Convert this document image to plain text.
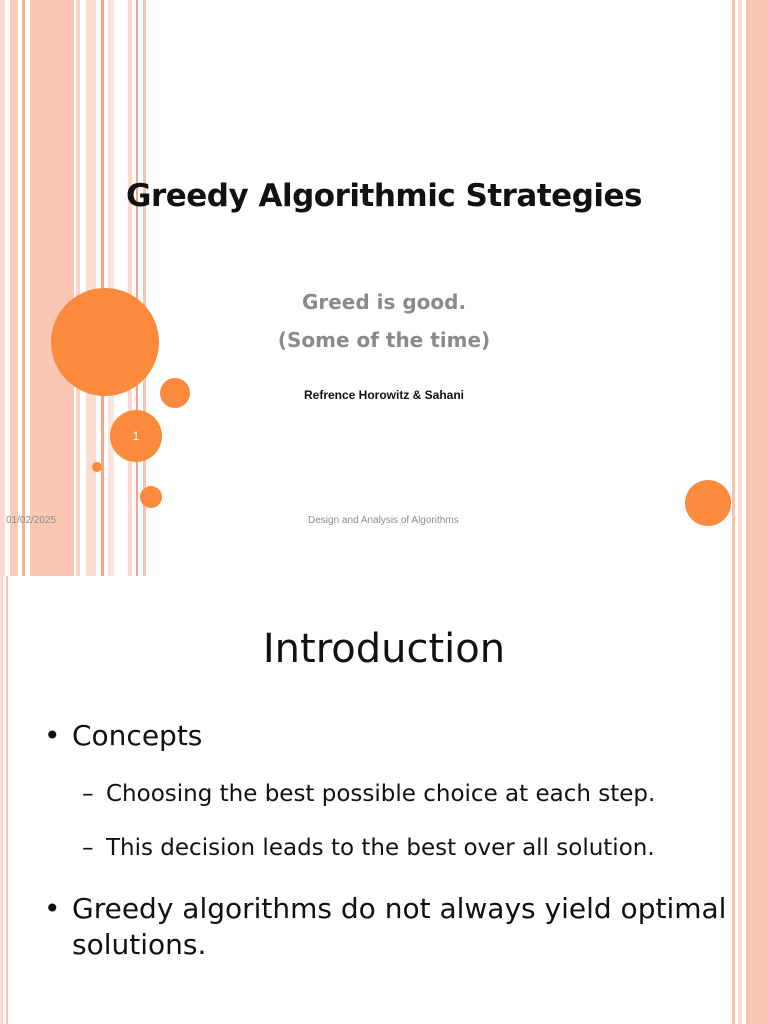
1
Greedy Algorithmic Strategies
Greed is good.
(Some of the time)
Refrence Horowitz & Sahani
01/02/2025	Design and Analysis of Algorithms
Introduction
• Concepts
– Choosing the best possible choice at each step.
– This decision leads to the best over all solution.
• Greedy algorithms do not always yield optimal
solutions.
